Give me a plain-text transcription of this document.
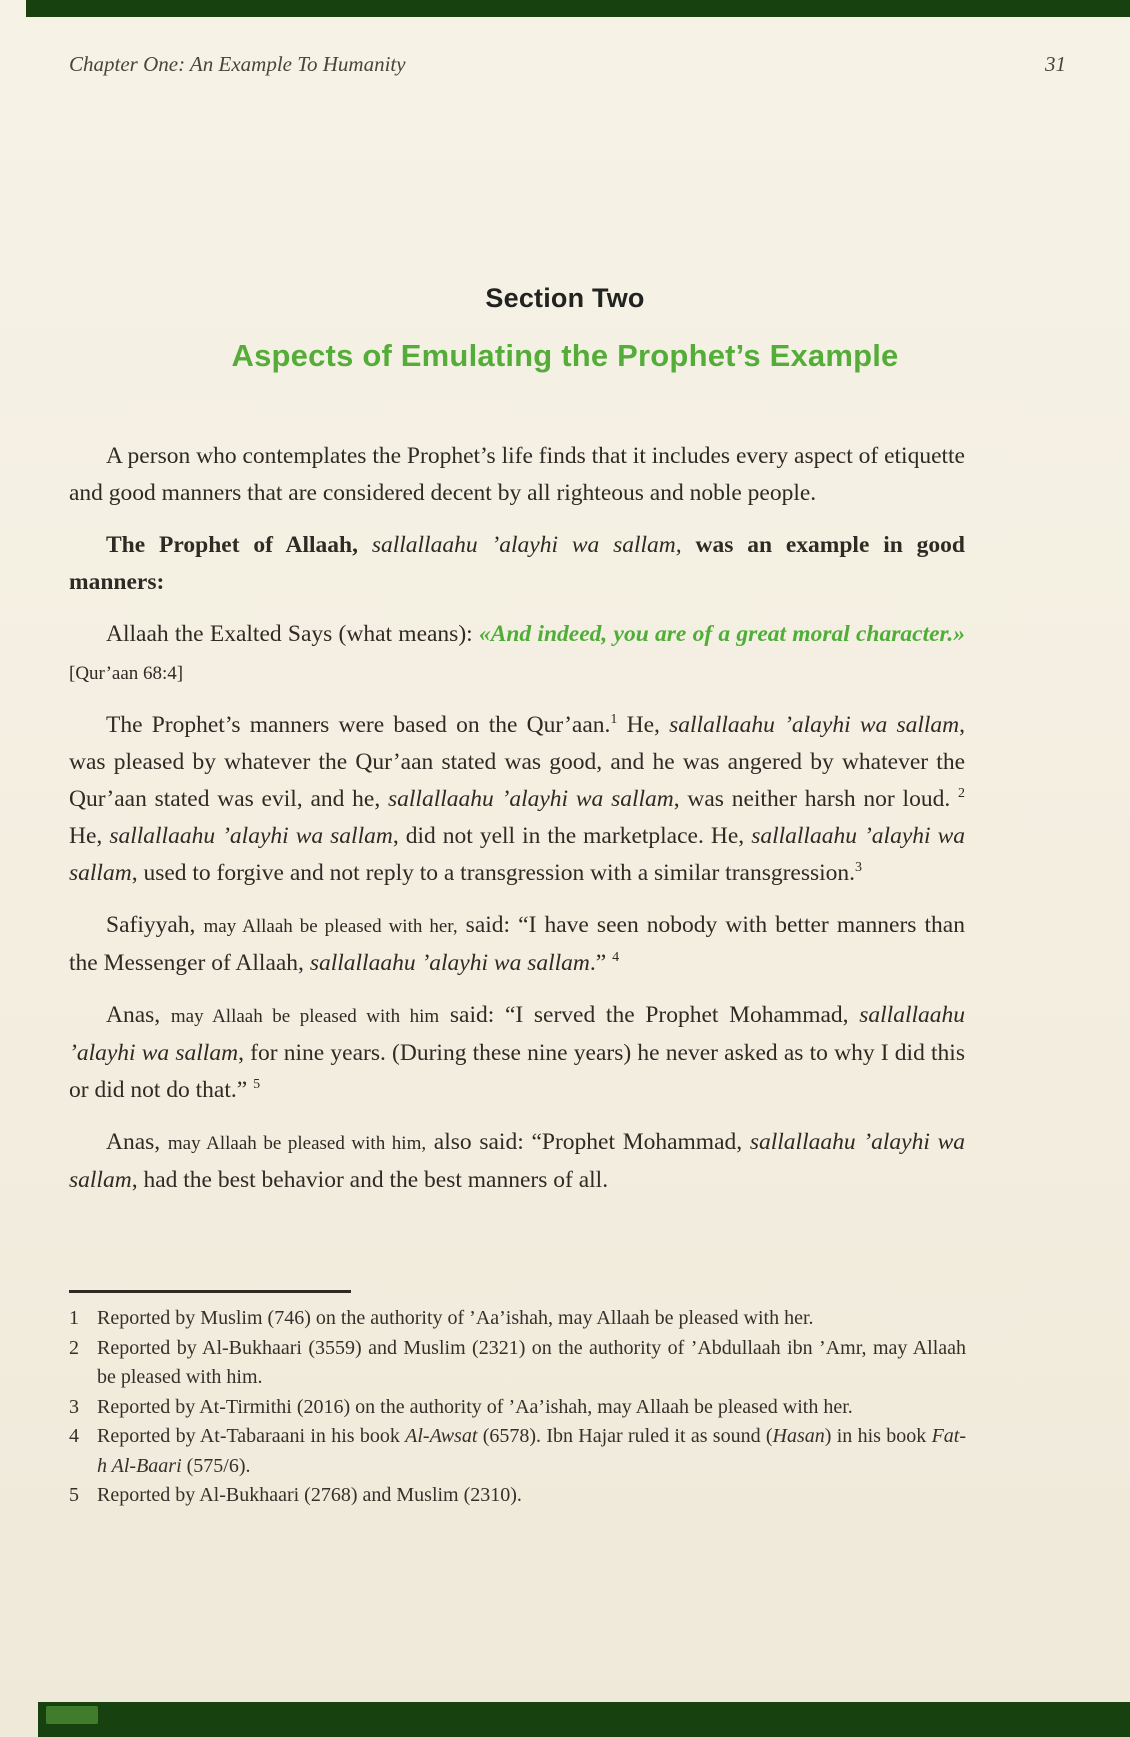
Chapter One: An Example To Humanity	31
Section Two
Aspects of Emulating the Prophet’s Example

A person who contemplates the Prophet’s life finds that it includes every aspect of etiquette and good manners that are considered decent by all righteous and noble people.

The Prophet of Allaah, sallallaahu ’alayhi wa sallam, was an example in good manners:

Allaah the Exalted Says (what means): «And indeed, you are of a great moral character.» [Qur’aan 68:4]

The Prophet’s manners were based on the Qur’aan.$^1$ He, sallallaahu ’alayhi wa sallam, was pleased by whatever the Qur’aan stated was good, and he was angered by whatever the Qur’aan stated was evil, and he, sallallaahu ’alayhi wa sallam, was neither harsh nor loud. $^2$ He, sallallaahu ’alayhi wa sallam, did not yell in the marketplace. He, sallallaahu ’alayhi wa sallam, used to forgive and not reply to a transgression with a similar transgression.$^3$

Safiyyah, may Allaah be pleased with her, said: “I have seen nobody with better manners than the Messenger of Allaah, sallallaahu ’alayhi wa sallam.” $^4$

Anas, may Allaah be pleased with him said: “I served the Prophet Mohammad, sallallaahu ’alayhi wa sallam, for nine years. (During these nine years) he never asked as to why I did this or did not do that.” $^5$

Anas, may Allaah be pleased with him, also said: “Prophet Mohammad, sallallaahu ’alayhi wa sallam, had the best behavior and the best manners of all.

1 Reported by Muslim (746) on the authority of ’Aa’ishah, may Allaah be pleased with her.
2 Reported by Al-Bukhaari (3559) and Muslim (2321) on the authority of ’Abdullaah ibn ’Amr, may Allaah be pleased with him.
3 Reported by At-Tirmithi (2016) on the authority of ’Aa’ishah, may Allaah be pleased with her.
4 Reported by At-Tabaraani in his book Al-Awsat (6578). Ibn Hajar ruled it as sound (Hasan) in his book Fat-h Al-Baari (575/6).
5 Reported by Al-Bukhaari (2768) and Muslim (2310).
